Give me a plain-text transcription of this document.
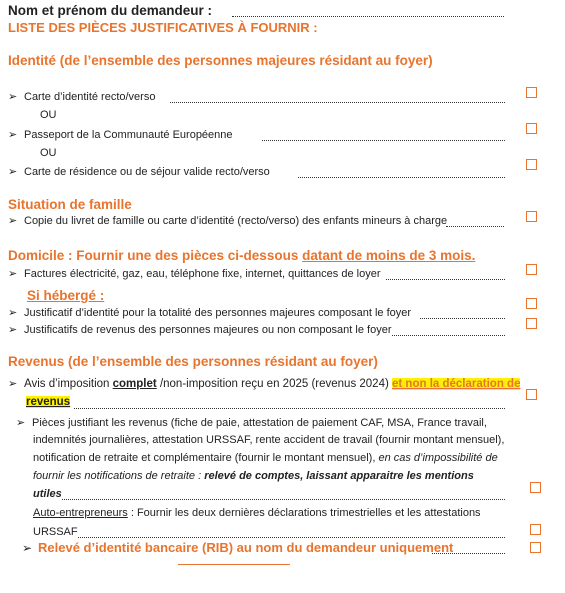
Nom et prénom du demandeur :
LISTE DES PIÈCES JUSTIFICATIVES À FOURNIR :
Identité (de l’ensemble des personnes majeures résidant au foyer)
➢ Carte d’identité recto/verso
OU
➢ Passeport de la Communauté Européenne
OU
➢ Carte de résidence ou de séjour valide recto/verso
Situation de famille
➢ Copie du livret de famille ou carte d’identité (recto/verso) des enfants mineurs à charge
Domicile : Fournir une des pièces ci-dessous datant de moins de 3 mois.
➢ Factures électricité, gaz, eau, téléphone fixe, internet, quittances de loyer
Si hébergé :
➢ Justificatif d’identité pour la totalité des personnes majeures composant le foyer
➢ Justificatifs de revenus des personnes majeures ou non composant le foyer
Revenus (de l’ensemble des personnes résidant au foyer)
➢ Avis d’imposition complet /non-imposition reçu en 2025 (revenus 2024) et non la déclaration de
revenus
➢ Pièces justifiant les revenus (fiche de paie, attestation de paiement CAF, MSA, France travail,
indemnités journalières, attestation URSSAF, rente accident de travail (fournir montant mensuel),
notification de retraite et complémentaire (fournir le montant mensuel), en cas d’impossibilité de
fournir les notifications de retraite : relevé de comptes, laissant apparaitre les mentions
utiles
Auto-entrepreneurs : Fournir les deux dernières déclarations trimestrielles et les attestations
URSSAF
➢ Relevé d’identité bancaire (RIB) au nom du demandeur uniquement
